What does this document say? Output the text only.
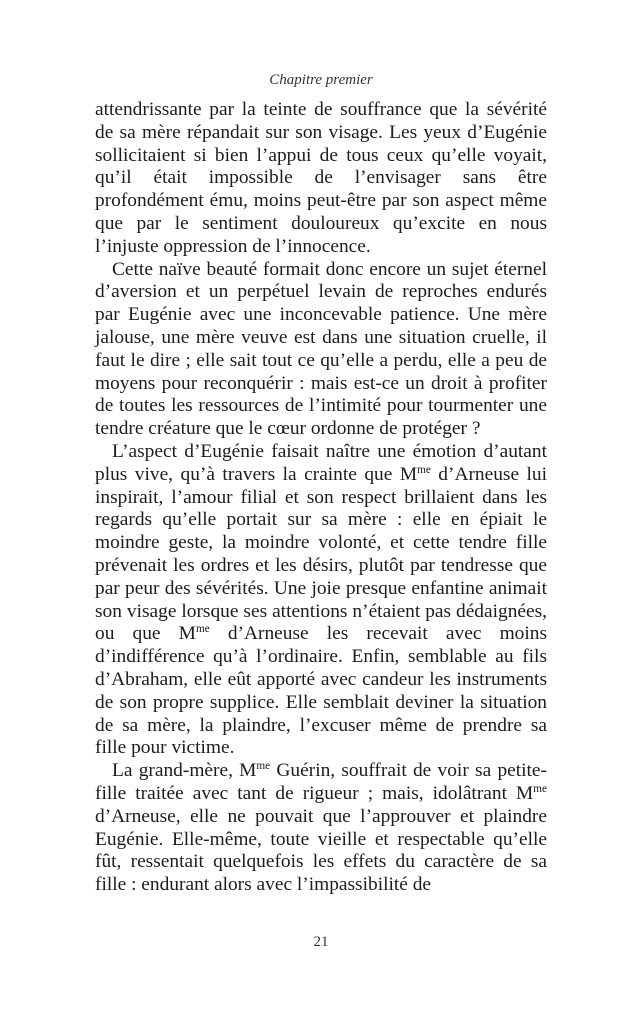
Chapitre premier

attendrissante par la teinte de souffrance que la sévérité de sa mère répandait sur son visage. Les yeux d’Eugénie sollicitaient si bien l’appui de tous ceux qu’elle voyait, qu’il était impossible de l’envisager sans être profondément ému, moins peut-être par son aspect même que par le sentiment douloureux qu’excite en nous l’injuste oppression de l’innocence.

Cette naïve beauté formait donc encore un sujet éternel d’aversion et un perpétuel levain de reproches endurés par Eugénie avec une inconcevable patience. Une mère jalouse, une mère veuve est dans une situation cruelle, il faut le dire ; elle sait tout ce qu’elle a perdu, elle a peu de moyens pour reconquérir : mais est-ce un droit à profiter de toutes les ressources de l’intimité pour tourmenter une tendre créature que le cœur ordonne de protéger ?

L’aspect d’Eugénie faisait naître une émotion d’autant plus vive, qu’à travers la crainte que $M^{me}$ d’Arneuse lui inspirait, l’amour filial et son respect brillaient dans les regards qu’elle portait sur sa mère : elle en épiait le moindre geste, la moindre volonté, et cette tendre fille prévenait les ordres et les désirs, plutôt par tendresse que par peur des sévérités. Une joie presque enfantine animait son visage lorsque ses attentions n’étaient pas dédaignées, ou que $M^{me}$ d’Arneuse les recevait avec moins d’indifférence qu’à l’ordinaire. Enfin, semblable au fils d’Abraham, elle eût apporté avec candeur les instruments de son propre supplice. Elle semblait deviner la situation de sa mère, la plaindre, l’excuser même de prendre sa fille pour victime.

La grand-mère, $M^{me}$ Guérin, souffrait de voir sa petite-fille traitée avec tant de rigueur ; mais, idolâtrant $M^{me}$ d’Arneuse, elle ne pouvait que l’approuver et plaindre Eugénie. Elle-même, toute vieille et respectable qu’elle fût, ressentait quelquefois les effets du caractère de sa fille : endurant alors avec l’impassibilité de

21
